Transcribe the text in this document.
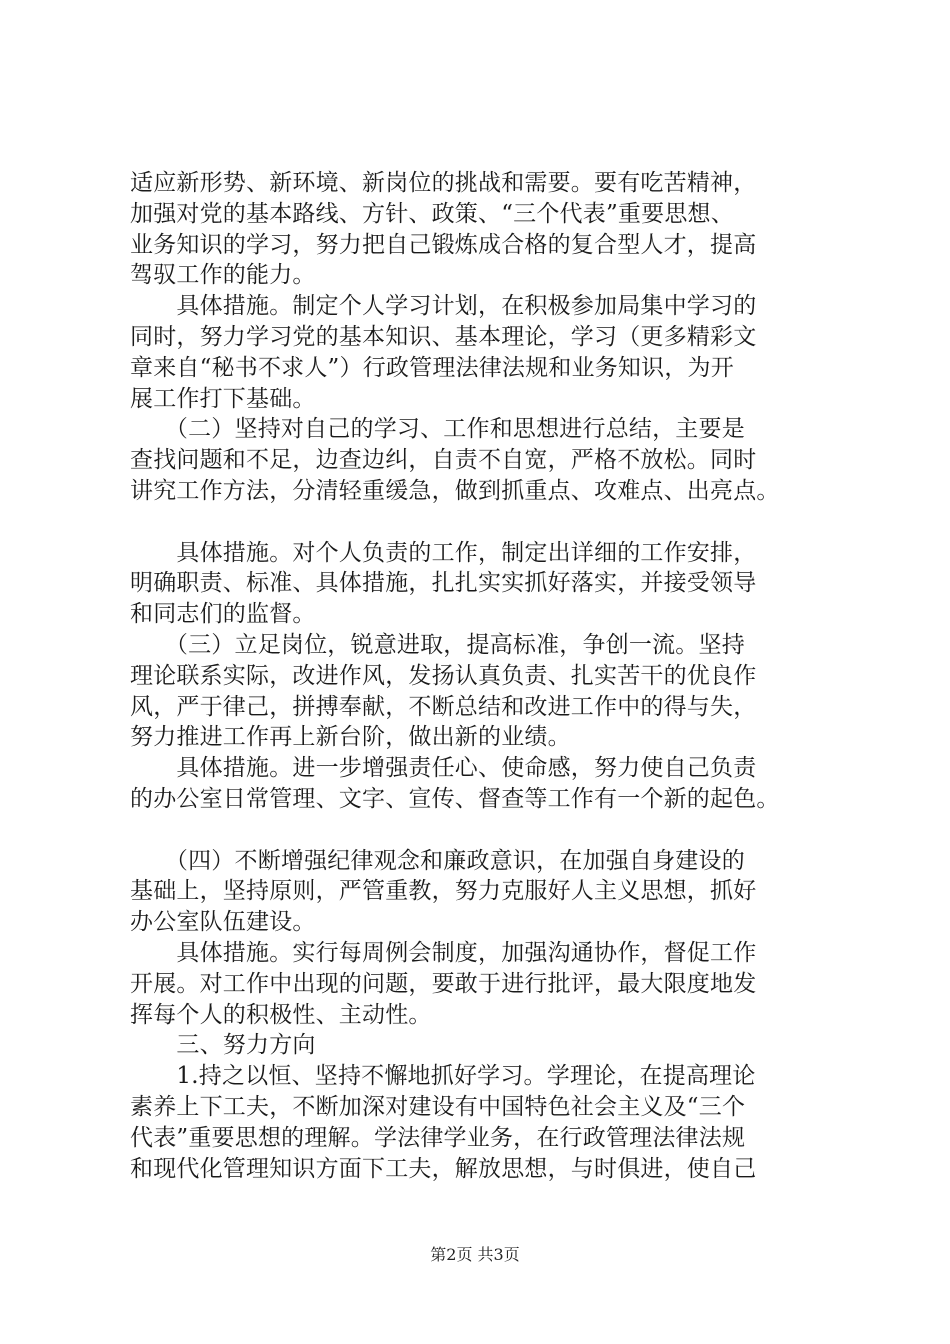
适应新形势、新环境、新岗位的挑战和需要。要有吃苦精神，
加强对党的基本路线、方针、政策、“三个代表”重要思想、
业务知识的学习，努力把自己锻炼成合格的复合型人才，提高
驾驭工作的能力。
　　具体措施。制定个人学习计划，在积极参加局集中学习的
同时，努力学习党的基本知识、基本理论，学习（更多精彩文
章来自“秘书不求人”）行政管理法律法规和业务知识，为开
展工作打下基础。
　　（二）坚持对自己的学习、工作和思想进行总结，主要是
查找问题和不足，边查边纠，自责不自宽，严格不放松。同时
讲究工作方法，分清轻重缓急，做到抓重点、攻难点、出亮点。
　　具体措施。对个人负责的工作，制定出详细的工作安排，
明确职责、标准、具体措施，扎扎实实抓好落实，并接受领导
和同志们的监督。
　　（三）立足岗位，锐意进取，提高标准，争创一流。坚持
理论联系实际，改进作风，发扬认真负责、扎实苦干的优良作
风，严于律己，拼搏奉献，不断总结和改进工作中的得与失，
努力推进工作再上新台阶，做出新的业绩。
　　具体措施。进一步增强责任心、使命感，努力使自己负责
的办公室日常管理、文字、宣传、督查等工作有一个新的起色。
　　（四）不断增强纪律观念和廉政意识，在加强自身建设的
基础上，坚持原则，严管重教，努力克服好人主义思想，抓好
办公室队伍建设。
　　具体措施。实行每周例会制度，加强沟通协作，督促工作
开展。对工作中出现的问题，要敢于进行批评，最大限度地发
挥每个人的积极性、主动性。
　　三、努力方向
　　1.持之以恒、坚持不懈地抓好学习。学理论，在提高理论
素养上下工夫，不断加深对建设有中国特色社会主义及“三个
代表”重要思想的理解。学法律学业务，在行政管理法律法规
和现代化管理知识方面下工夫，解放思想，与时俱进，使自己
第2页 共3页
